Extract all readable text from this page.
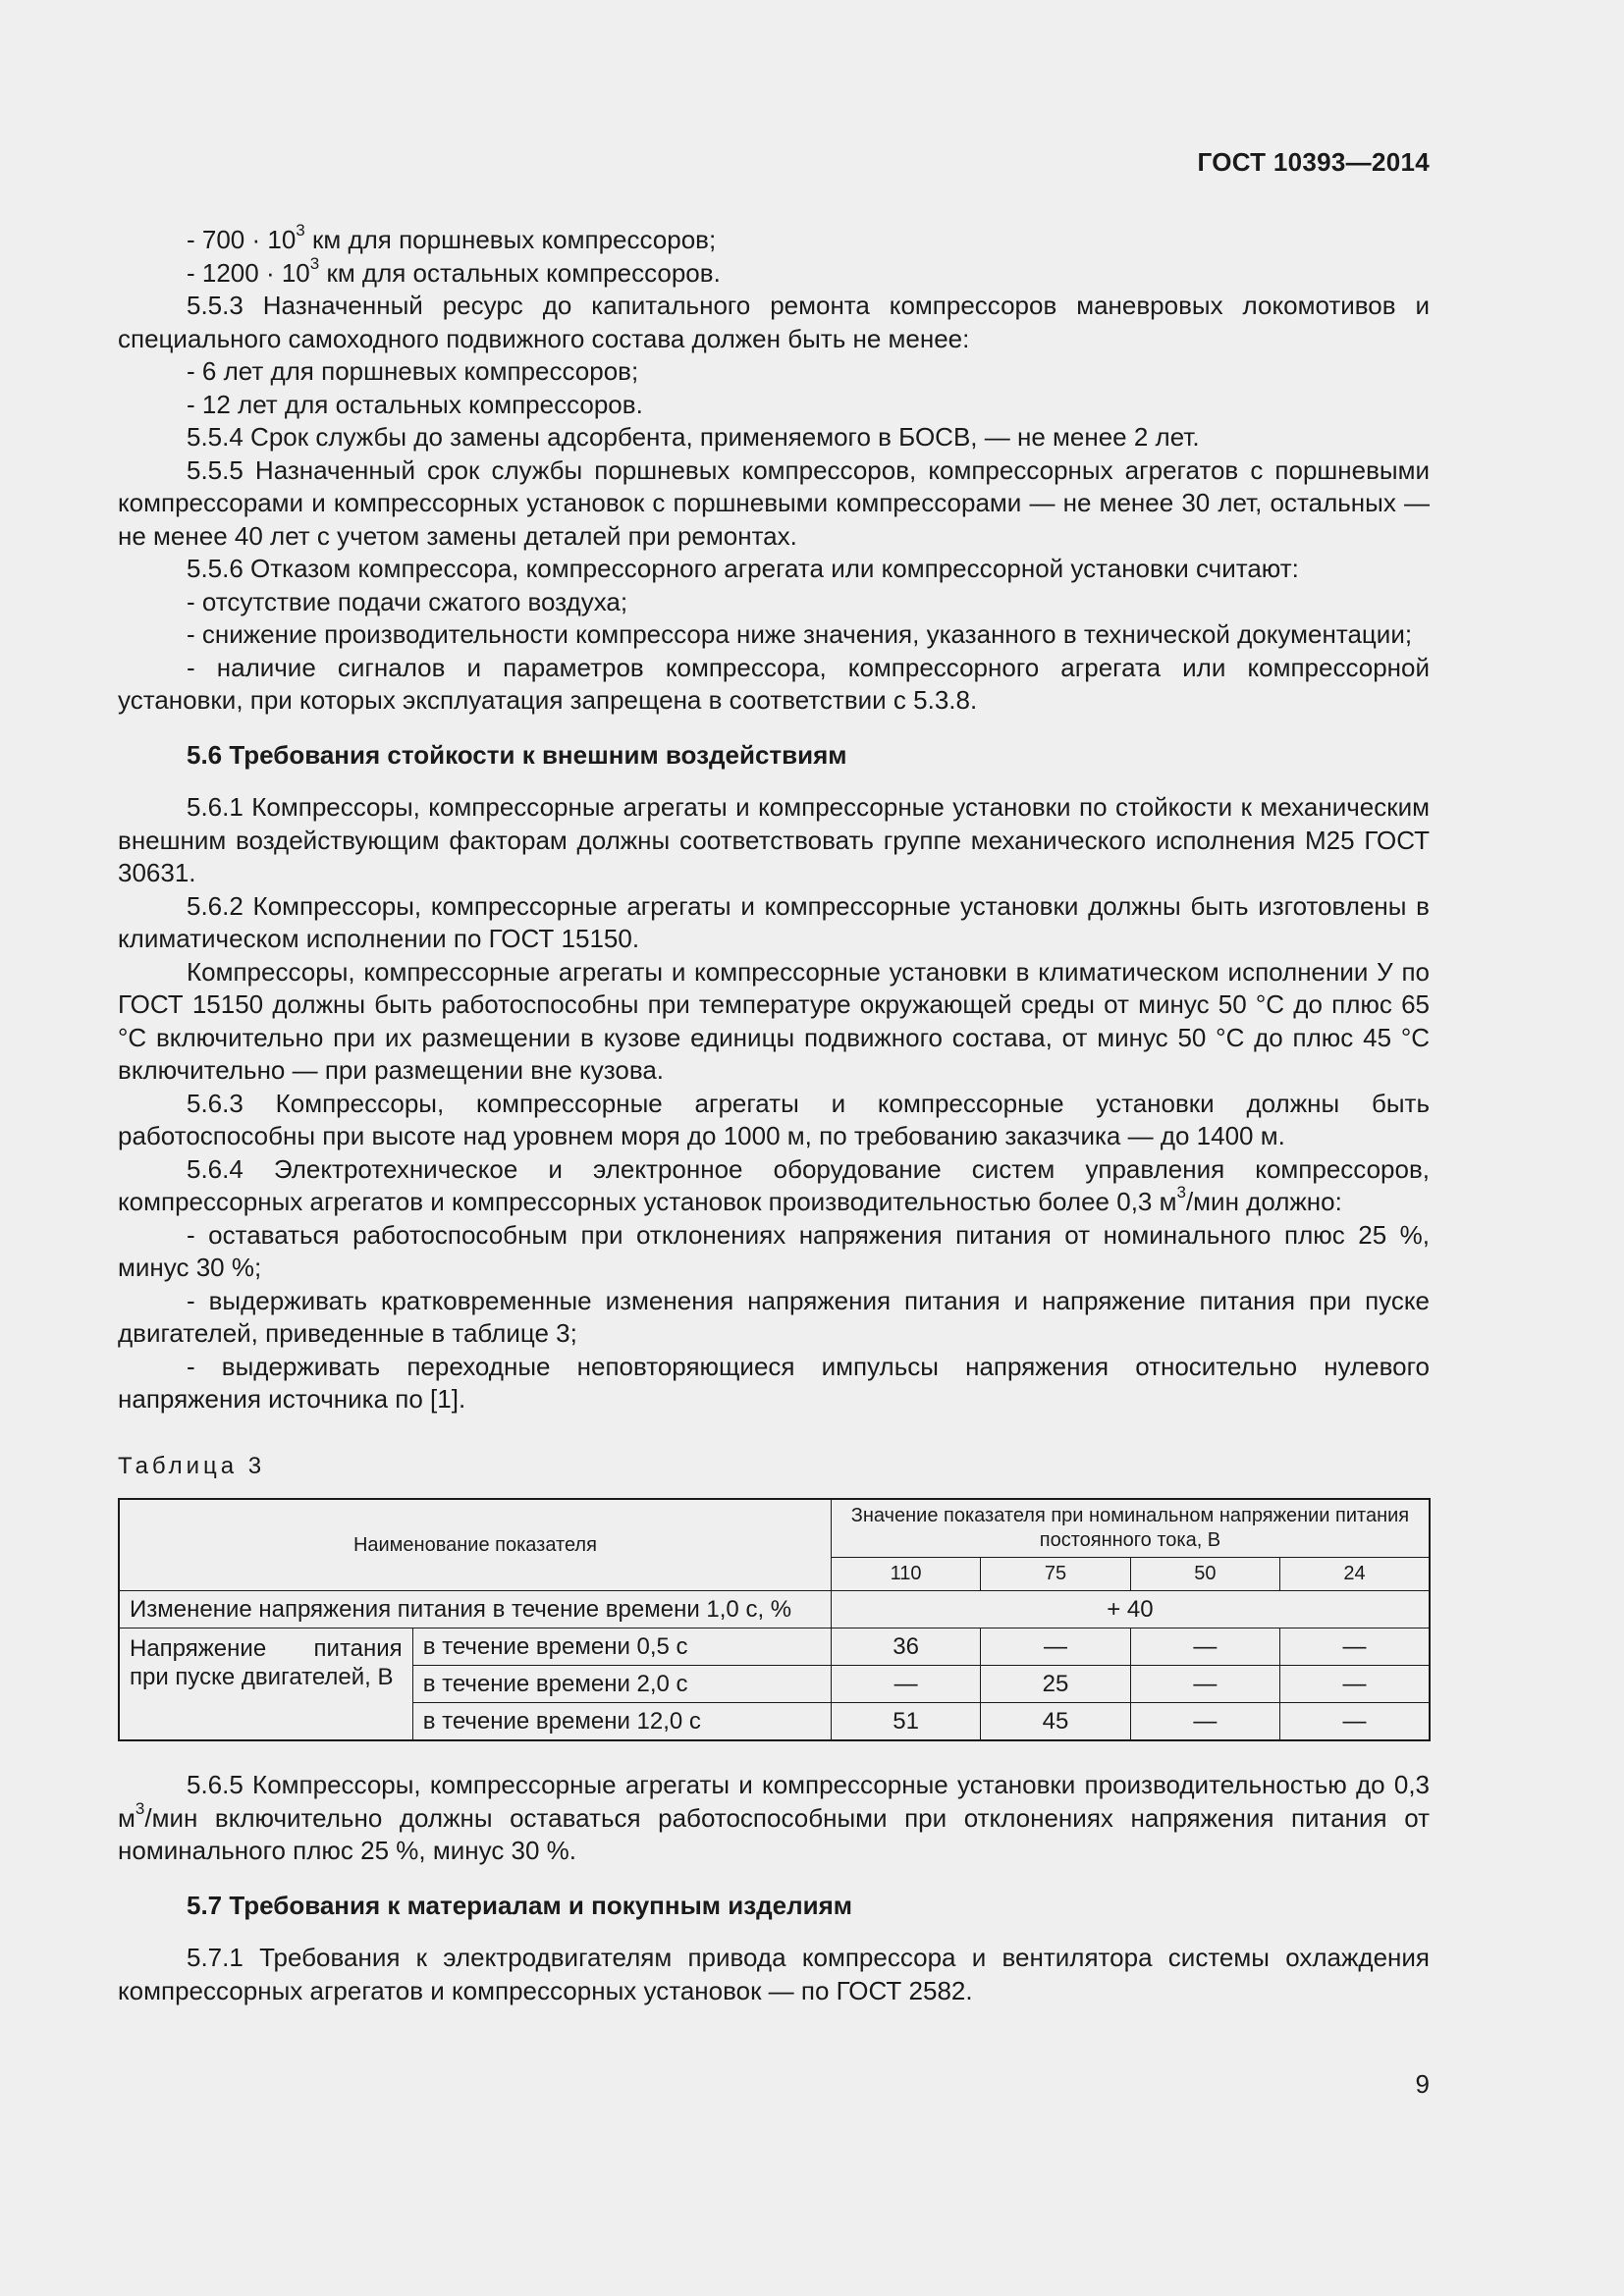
ГОСТ 10393—2014

- $700 \cdot 10^3$ км для поршневых компрессоров;

- $1200 \cdot 10^3$ км для остальных компрессоров.

5.5.3 Назначенный ресурс до капитального ремонта компрессоров маневровых локомотивов и специального самоходного подвижного состава должен быть не менее:

- 6 лет для поршневых компрессоров;

- 12 лет для остальных компрессоров.

5.5.4 Срок службы до замены адсорбента, применяемого в БОСВ, — не менее 2 лет.

5.5.5 Назначенный срок службы поршневых компрессоров, компрессорных агрегатов с поршневыми компрессорами и компрессорных установок с поршневыми компрессорами — не менее 30 лет, остальных — не менее 40 лет с учетом замены деталей при ремонтах.

5.5.6 Отказом компрессора, компрессорного агрегата или компрессорной установки считают:

- отсутствие подачи сжатого воздуха;

- снижение производительности компрессора ниже значения, указанного в технической документации;

- наличие сигналов и параметров компрессора, компрессорного агрегата или компрессорной установки, при которых эксплуатация запрещена в соответствии с 5.3.8.

5.6 Требования стойкости к внешним воздействиям

5.6.1 Компрессоры, компрессорные агрегаты и компрессорные установки по стойкости к механическим внешним воздействующим факторам должны соответствовать группе механического исполнения М25 ГОСТ 30631.

5.6.2 Компрессоры, компрессорные агрегаты и компрессорные установки должны быть изготовлены в климатическом исполнении по ГОСТ 15150.

Компрессоры, компрессорные агрегаты и компрессорные установки в климатическом исполнении У по ГОСТ 15150 должны быть работоспособны при температуре окружающей среды от минус 50 °С до плюс 65 °С включительно при их размещении в кузове единицы подвижного состава, от минус 50 °С до плюс 45 °С включительно — при размещении вне кузова.

5.6.3 Компрессоры, компрессорные агрегаты и компрессорные установки должны быть работоспособны при высоте над уровнем моря до 1000 м, по требованию заказчика — до 1400 м.

5.6.4 Электротехническое и электронное оборудование систем управления компрессоров, компрессорных агрегатов и компрессорных установок производительностью более 0,3 $м^3$/мин должно:

- оставаться работоспособным при отклонениях напряжения питания от номинального плюс 25 %, минус 30 %;

- выдерживать кратковременные изменения напряжения питания и напряжение питания при пуске двигателей, приведенные в таблице 3;

- выдерживать переходные неповторяющиеся импульсы напряжения относительно нулевого напряжения источника по [1].

Таблица 3
Наименование показателя		Значение показателя при номинальном напряжении питания постоянного тока, В			
		110	75	50	24
Изменение напряжения питания в течение времени 1,0 с, %		+ 40			

Напряжение питания
при пуске двигателей, В	в течение времени 0,5 с	36	—	—	—
	в течение времени 2,0 с	—	25	—	—
	в течение времени 12,0 с	51	45	—	—

5.6.5 Компрессоры, компрессорные агрегаты и компрессорные установки производительностью до 0,3 $м^3$/мин включительно должны оставаться работоспособными при отклонениях напряжения питания от номинального плюс 25 %, минус 30 %.

5.7 Требования к материалам и покупным изделиям

5.7.1 Требования к электродвигателям привода компрессора и вентилятора системы охлаждения компрессорных агрегатов и компрессорных установок — по ГОСТ 2582.

9
